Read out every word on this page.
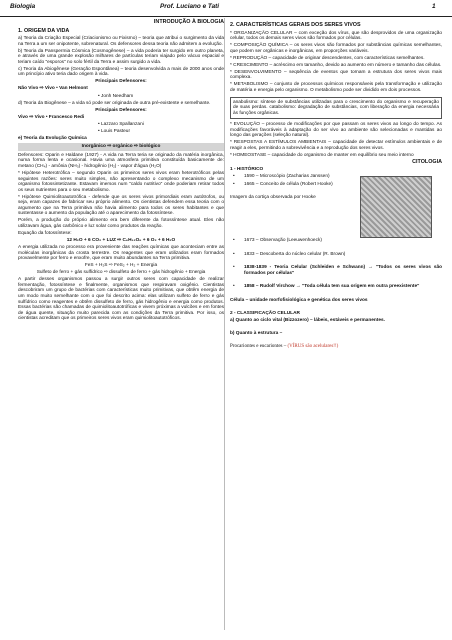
Biologia	Prof. Luciano e Tati	1

INTRODUÇÃO À BIOLOGIA

1. ORIGEM DA VIDA

a) Teoria da Criação Especial (Criacionismo ou Fixismo) – teoria que atribui o surgimento da vida na Terra a um ser onipotente, sobrenatural. Os defensores dessa teoria não admitem a evolução.

b) Teoria da Panspermia Cósmica (Cosmogênese) – a vida poderia ter surgido em outro planeta, e através de uma grande explosão milhares de partículas teriam viajado pelo vácuo espacial e teriam caído "esporos" no solo fértil da Terra e assim surgido a vida.

c) Teoria da Abiogênese (Geração Espontânea) – teoria desenvolvida a mais de 2000 anos onde um princípio ativo teria dado origem à vida.

Principais Defensores:

Não Vivo ⇨ Vivo • Van Helmont

• Jonh Needham

d) Teoria da Biogênese – a vida só pode ser originada de outra pré-existente e semelhante.

Principais Defensores:

Vivo ⇨ Vivo • Francesco Redi

• Lazzaro Spallanzani

• Louis Pasteur

e) Teoria da Evolução Química

Inorgânico ⇨ orgânico ⇨ biológico

Defensores: Oparin e Haldane (1927) - A vida na Terra teria se originado da matéria inorgânica, numa forma lenta e ocasional. Havia uma atmosfera primitiva constituída basicamente de: metano (CH₄) - amônia (NH₃) - hidrogênio (H₂) - vapor d'água (H₂O)

* Hipótese Heterotrófica – segundo Oparin os primeiros seres vivos eram heterotróficos pelas seguintes razões: seres muito simples, não apresentando o complexo mecanismo de um organismo fotossintetizante. Estavam imersos num "caldo nutritivo" onde poderiam retirar todos os seus nutrientes para o seu metabolismo.

* Hipótese Quimiolitoautotrófica - defende que os seres vivos primordiais eram autótrofos, ou seja, eram capazes de fabricar seu próprio alimento. Os cientistas defendem essa teoria com o argumento que na Terra primitiva não havia alimento para todos os seres habitantes e que sustentasse o aumento da população até o aparecimento da fotossíntese.

Porém, a produção do próprio alimento era bem diferente da fotossíntese atual. Eles não utilizavam água, gás carbônico e luz solar como produtos da reação.

Equação da fotossíntese:

12 H₂O + 6 CO₂ + LUZ ⇨ C₆H₁₂O₆ + 6 O₂ + 6 H₂O

A energia utilizada no processo era proveniente das reações químicas que aconteciam entre as moléculas inorgânicas da crosta terrestre. Os reagentes que eram utilizados eram formados provavelmente por ferro e enxofre, que eram muito abundantes na Terra primitiva.

FeS + H₂S ⇨ FeS₂ + H₂ + Energia

Sulfeto de ferro + gás sulfídrico ⇨ dissulfeto de ferro + gás hidrogênio + Energia

A partir desses organismos passou a surgir outros seres com capacidade de realizar fermentação, fotossíntese e finalmente, organismos que respiravam oxigênio. Cientistas descobriram um grupo de bactérias com características muito primitivas, que obtêm energia de um modo muito semelhante com o que foi descrito acima: elas utilizam sulfeto de ferro e gás sulfídrico como reagentes e obtêm dissulfeto de ferro, gás hidrogênio e energia como produtos. Essas bactérias são chamadas de quimiolitoautotróficas e vivem próximas a vulcões e em fontes de água quente, situação muito parecida com as condições da Terra primitiva. Por isso, os cientistas acreditam que os primeiros seres vivos eram quimiolitoautotróficos.

2. CARACTERÍSTICAS GERAIS DOS SERES VIVOS

* ORGANIZAÇÃO CELULAR – com exceção dos vírus, que são desprovidos de uma organização celular, todos os demais seres vivos são formados por células.

* COMPOSIÇÃO QUÍMICA – os seres vivos são formados por substâncias químicas semelhantes, que podem ser orgânicas e inorgânicas, em proporções variáveis.

* REPRODUÇÃO – capacidade de originar descendentes, com características semelhantes.

* CRESCIMENTO – acréscimo em tamanho, devido ao aumento em número e tamanho das células.

* DESENVOLVIMENTO – seqüência de eventos que tornam a estrutura dos seres vivos mais complexa.

* METABOLISMO – conjunto de processos químicos responsáveis pela transformação e utilização de matéria e energia pelo organismo. O metabolismo pode ser dividido em dois processos.

anabolismo: síntese de substâncias utilizadas para o crescimento do organismo e recuperação de suas perdas. catabolismo: degradação de substâncias, com liberação da energia necessária às funções orgânicas.

* EVOLUÇÃO – processo de modificações por que passam os seres vivos ao longo do tempo. As modificações favoráveis à adaptação do ser vivo ao ambiente são selecionadas e mantidas ao longo das gerações (seleção natural).

* RESPOSTAS A ESTÍMULOS AMBIENTAIS – capacidade de detectar estímulos ambientais e de reagir a eles, permitindo a sobrevivência e a reprodução dos seres vivos.

* HOMEOSTASE – capacidade do organismo de manter em equilíbrio seu meio interno

CITOLOGIA

1 - HISTÓRICO

• 1590 – Microscópio (Zacharias Janssen)

• 1665 – Conceito de célula (Robert Hooke)

Imagem da cortiça observada por Hooke

• 1673 – Observação (Leeuwenhoeck)

• 1833 – Descoberta do núcleo celular (R. Brown)

• 1838-1839 - Teoria Celular (Schleiden e Schwann) → "Todos os seres vivos são formados por células"

• 1858 – Rudolf Virchow → "Toda célula tem sua origem em outra preexistente"

Célula – unidade morfofisiológica e genética dos seres vivos

2 - CLASSIFICAÇÃO CELULAR

a) Quanto ao ciclo vital (Bizzozero) – lábeis, estáveis e permanentes.

b) Quanto à estrutura –

Procariontes e eucariontes – (VÍRUS são acelulares!!)
